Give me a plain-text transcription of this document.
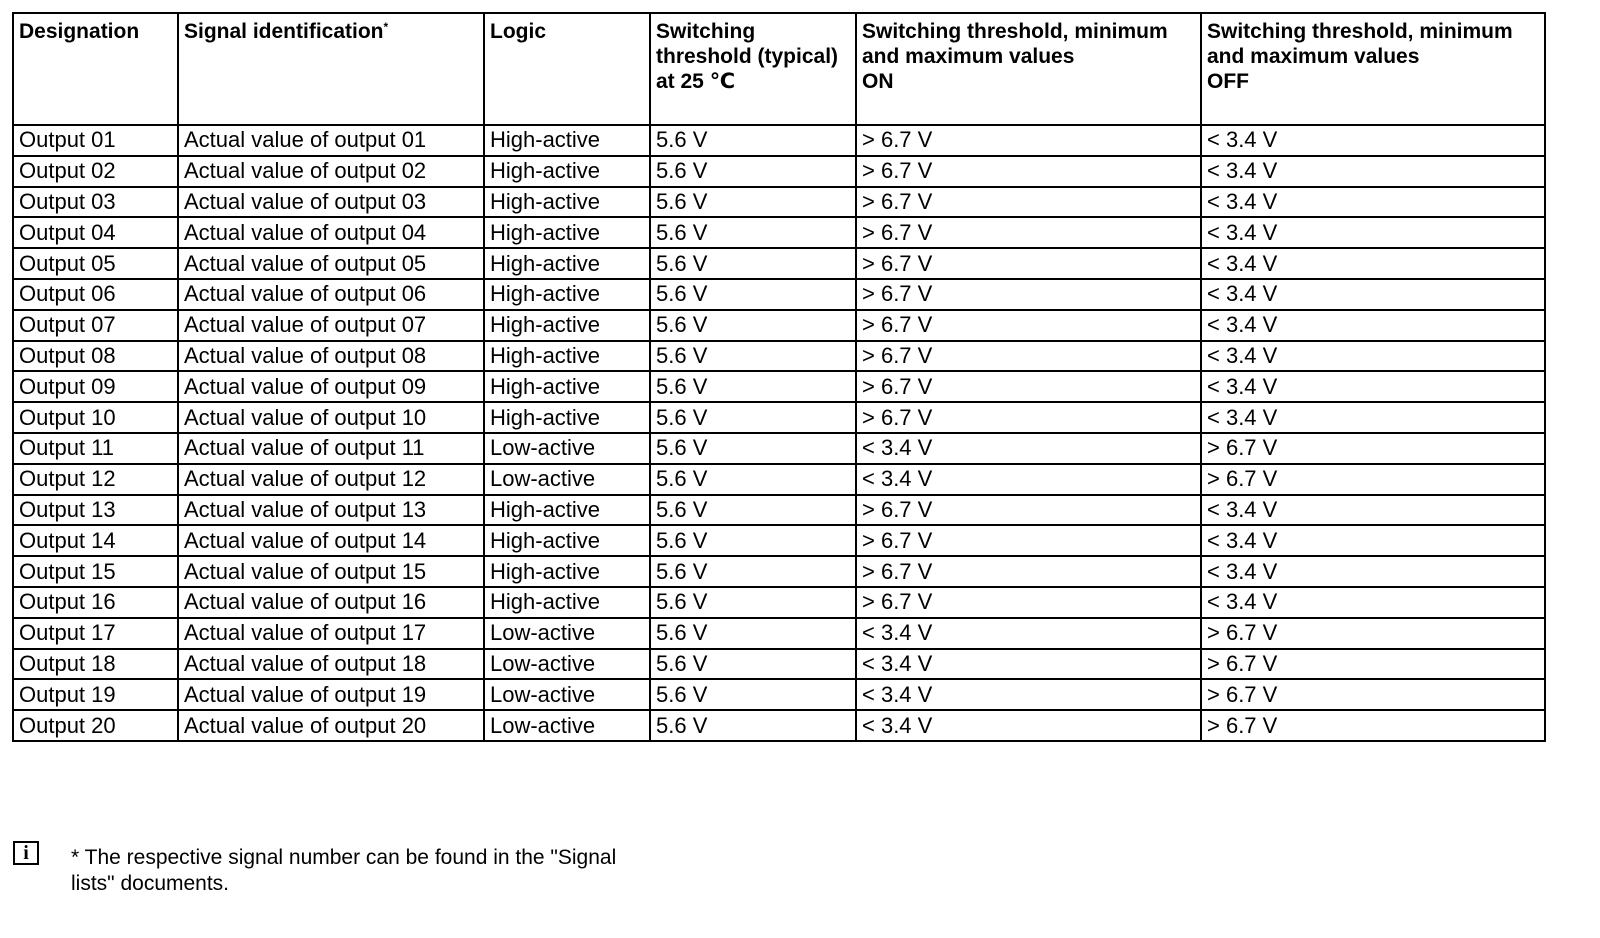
Designation	Signal identification*	Logic	Switching
threshold (typical)
at 25 ℃	Switching threshold, minimum
and maximum values
ON	Switching threshold, minimum
and maximum values
OFF

Output 01	Actual value of output 01	High-active	5.6 V	> 6.7 V	< 3.4 V
Output 02	Actual value of output 02	High-active	5.6 V	> 6.7 V	< 3.4 V
Output 03	Actual value of output 03	High-active	5.6 V	> 6.7 V	< 3.4 V
Output 04	Actual value of output 04	High-active	5.6 V	> 6.7 V	< 3.4 V
Output 05	Actual value of output 05	High-active	5.6 V	> 6.7 V	< 3.4 V
Output 06	Actual value of output 06	High-active	5.6 V	> 6.7 V	< 3.4 V
Output 07	Actual value of output 07	High-active	5.6 V	> 6.7 V	< 3.4 V
Output 08	Actual value of output 08	High-active	5.6 V	> 6.7 V	< 3.4 V
Output 09	Actual value of output 09	High-active	5.6 V	> 6.7 V	< 3.4 V
Output 10	Actual value of output 10	High-active	5.6 V	> 6.7 V	< 3.4 V
Output 11	Actual value of output 11	Low-active	5.6 V	< 3.4 V	> 6.7 V
Output 12	Actual value of output 12	Low-active	5.6 V	< 3.4 V	> 6.7 V
Output 13	Actual value of output 13	High-active	5.6 V	> 6.7 V	< 3.4 V
Output 14	Actual value of output 14	High-active	5.6 V	> 6.7 V	< 3.4 V
Output 15	Actual value of output 15	High-active	5.6 V	> 6.7 V	< 3.4 V
Output 16	Actual value of output 16	High-active	5.6 V	> 6.7 V	< 3.4 V
Output 17	Actual value of output 17	Low-active	5.6 V	< 3.4 V	> 6.7 V
Output 18	Actual value of output 18	Low-active	5.6 V	< 3.4 V	> 6.7 V
Output 19	Actual value of output 19	Low-active	5.6 V	< 3.4 V	> 6.7 V
Output 20	Actual value of output 20	Low-active	5.6 V	< 3.4 V	> 6.7 V
i	* The respective signal number can be found in the "Signal
lists" documents.
